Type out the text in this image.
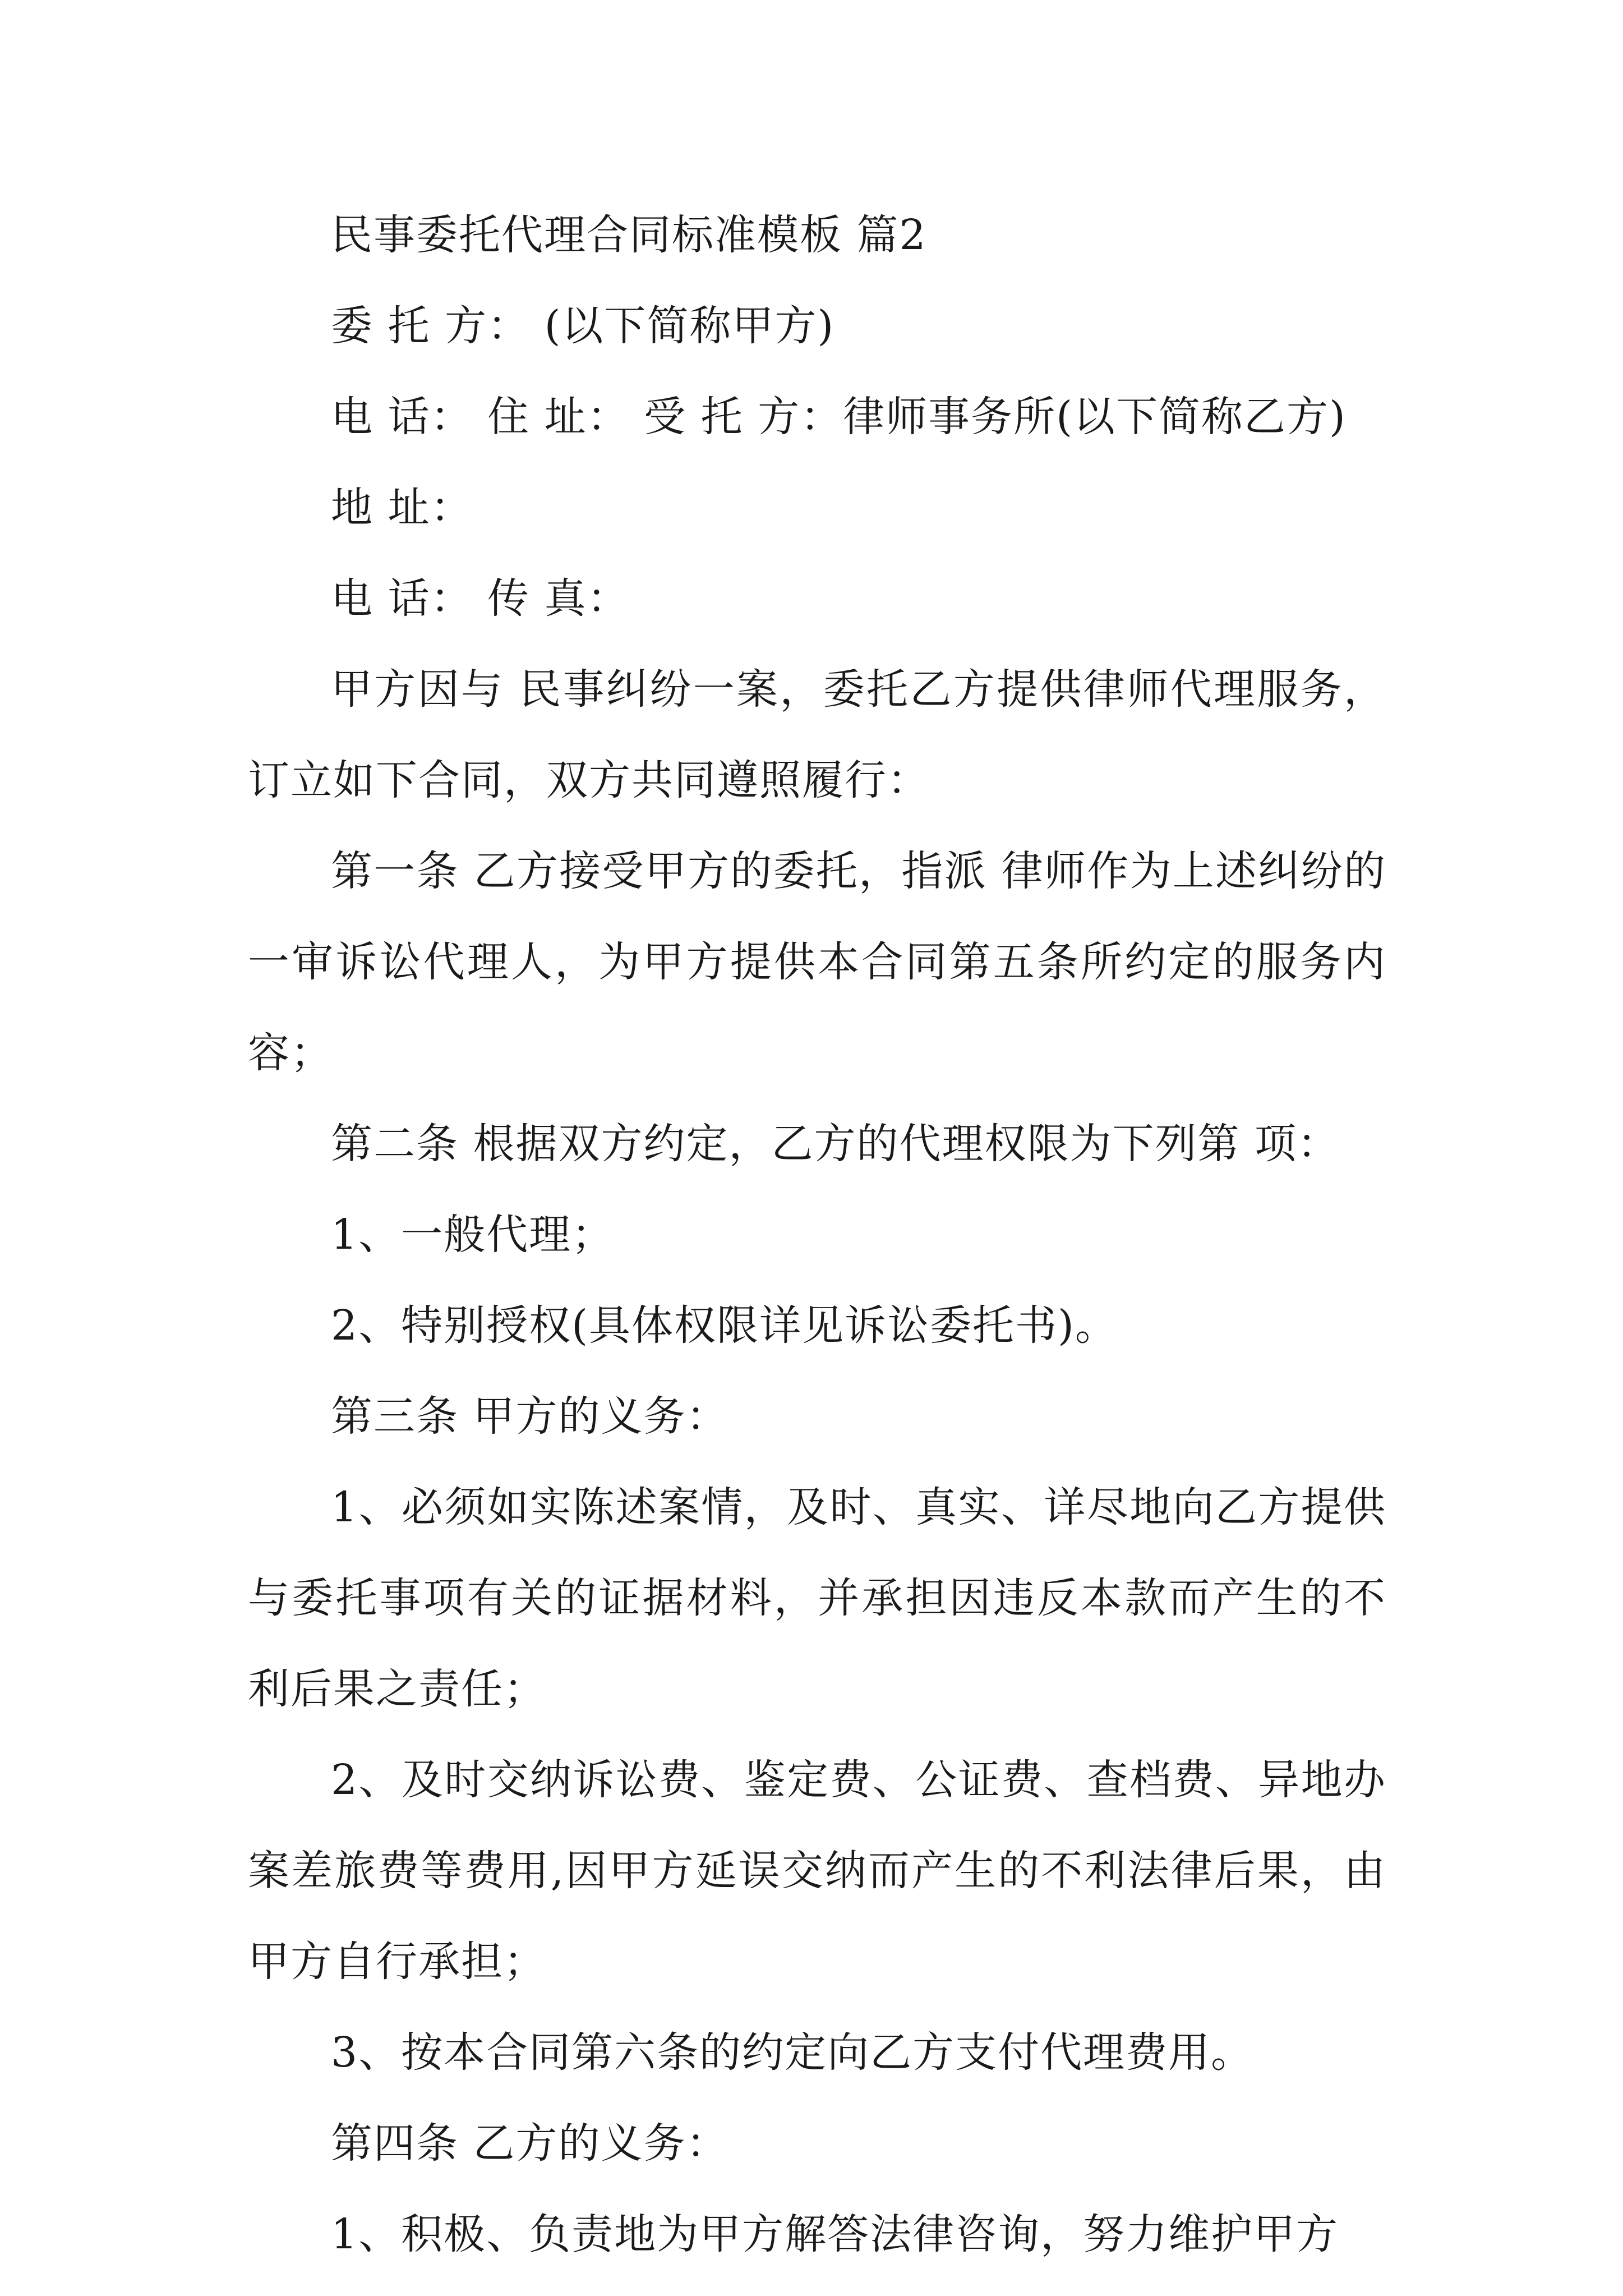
民事委托代理合同标准模板 篇2

委 托 方： (以下简称甲方)

电 话： 住 址： 受 托 方：律师事务所(以下简称乙方)

地 址：

电 话： 传 真：

甲方因与 民事纠纷一案，委托乙方提供律师代理服务，订立如下合同，双方共同遵照履行：

第一条 乙方接受甲方的委托，指派 律师作为上述纠纷的一审诉讼代理人，为甲方提供本合同第五条所约定的服务内容；

第二条 根据双方约定，乙方的代理权限为下列第 项：

1、一般代理；

2、特别授权(具体权限详见诉讼委托书)。

第三条 甲方的义务：

1、必须如实陈述案情，及时、真实、详尽地向乙方提供与委托事项有关的证据材料，并承担因违反本款而产生的不利后果之责任；

2、及时交纳诉讼费、鉴定费、公证费、查档费、异地办案差旅费等费用,因甲方延误交纳而产生的不利法律后果，由甲方自行承担；

3、按本合同第六条的约定向乙方支付代理费用。

第四条 乙方的义务：

1、积极、负责地为甲方解答法律咨询，努力维护甲方
